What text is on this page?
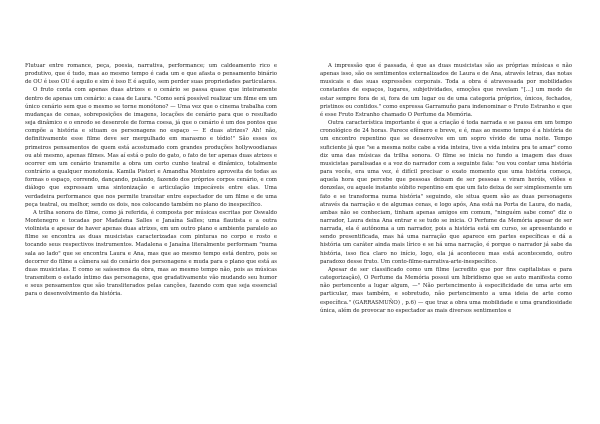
Flutuar entre romance, peça, poesia, narrativa, performance; um caldeamento rico e produtivo, que é tudo, mas ao mesmo tempo é cada um e que afasta o pensamento binário de OU é isso OU é aquilo e sim é isso E é aquilo, sem perder suas propriedades particulares.

O fruto conta com apenas duas atrizes e o cenário se passa quase que inteiramente dentro de apenas um cenário: a casa de Laura. "Como será possível realizar um filme em um único cenário sem que o mesmo se torne monótono? — Uma vez que o cinema trabalha com mudanças de cenas, sobreposições de imagens, locações de cenário para que o resultado seja dinâmico e o enredo se desenrole de forma coesa, já que o cenário é um dos pontos que compõe a história e situam os personagens no espaço — E duas atrizes? Ah! não, definitivamente esse filme deve ser mergulhado em marasmo e tédio!" São esses os primeiros pensamentos de quem está acostumado com grandes produções hollywoodianas ou até mesmo, apenas filmes. Mas aí está o pulo do gato, o fato de ter apenas duas atrizes e ocorrer em um cenário transmite a obra um certo cunho teatral e dinâmico, totalmente contrário a qualquer monotonia. Kamila Pistori e Amandha Monteiro aproveita de todas as formas o espaço, correndo, dançando, pulando, fazendo dos próprios corpos cenário, e com diálogo que expressam uma sintonização e articulação impecáveis entre elas. Uma verdadeira performance que nos permite transitar entre espectador de um filme e de uma peça teatral, ou melhor, sendo os dois, nos colocando também no plano do inespecífico.

A trilha sonora do filme, como já referida, é composta por músicas escritas por Oswaldo Montenegro e tocadas por Madalena Salles e Janaína Salles; uma flautista e a outra violinista e apesar de haver apenas duas atrizes, em um outro plano e ambiente paralelo ao filme se encontra as duas musicistas caracterizadas com pinturas no corpo e rosto e tocando seus respectivos instrumentos. Madalena e Janaína literalmente performam "numa sala ao lado" que se encontra Laura e Ana, mas que ao mesmo tempo está dentro, pois se decorrer do filme a câmera sai do cenário dos personagens e muda para o plano que está as duas musicistas. E como se saíssemos da obra, mas ao mesmo tempo não, pois as músicas transmitem o estado íntimo das personagens, que gradativamente vão mudando seu humor e seus pensamentos que são transliterados pelas canções, fazendo com que seja essencial para o desenvolvimento da história.

A impressão que é passada, é que as duas musicistas são as próprias músicas e não apenas isso, são os sentimentos externalizados de Laura e de Ana, através letras, das notas musicais e das suas expressões corporais. Toda a obra é atravessada por mobilidades constantes de espaços, lugares, subjetividades, emoções que revelam "[...] um modo de estar sempre fora de si, fora de um lugar ou de uma categoria próprios, únicos, fechados, pristinos ou contidos." como expressa Garramuño para indenominar o Fruto Estranho e que é esse Fruto Estranho chamado O Perfume da Memória.

Outra característica importante é que a criação é toda narrada e se passa em um tempo cronológico de 24 horas. Parece efêmero e breve, e é, mas ao mesmo tempo é a história de um encontro repentino que se desenvolve em um sopro vívido de uma noite. Tempo suficiente já que "se a mesma noite cabe a vida inteira, tive a vida inteira pra te amar" como diz uma das músicas da trilha sonora. O filme se inicia no fundo a imagem das duas musicistas paralisadas e a voz do narrador com a seguinte fala: "ou vou contar uma história para vocês, era uma vez, é difícil precisar o exato momento que uma história começa, aquela hora que percebe que pessoas deixam de ser pessoas e viram heróis, vilões e donzelas, ou aquele instante súbito repentino em que um fato deixa de ser simplesmente um fato e se transforma numa história" seguindo, ele situa quem são as duas personagens através da narração e de algumas cenas, e logo após, Ana está na Porta de Laura, do nada, ambas não se conheciam, tinham apenas amigos em comum, "ninguém sabe como" diz o narrador, Laura deixa Ana entrar e se tudo se inicia. O Perfume da Memória apesar de ser narrada, ela é autônoma a um narrador, pois a história está em curso, se apresentando e sendo presentificada, mas há uma narração que aparece em partes específicas e dá a história um caráter ainda mais lírico e se há uma narração, é porque o narrador já sabe da história, isso fica claro no início, logo, ela já aconteceu mas está acontecendo, outro paradoxo desse fruto. Um conto-filme-narrativa-arte-inespecífico.

Apesar de ser classificado como um filme (acredito que por fins capitalistas e para categorização), O Perfume da Memória possui um hibridismo que se auto manifesta como não pertencente a lugar algum, —" Não pertencimento à especificidade de uma arte em particular, mas também, e sobretudo, não pertencimento a uma ideia de arte como específica." (GARRASMUÑO) , p.6) — que traz a obra uma mobilidade e uma grandiosidade única, além de provocar no espectador as mais diversos sentimentos e
